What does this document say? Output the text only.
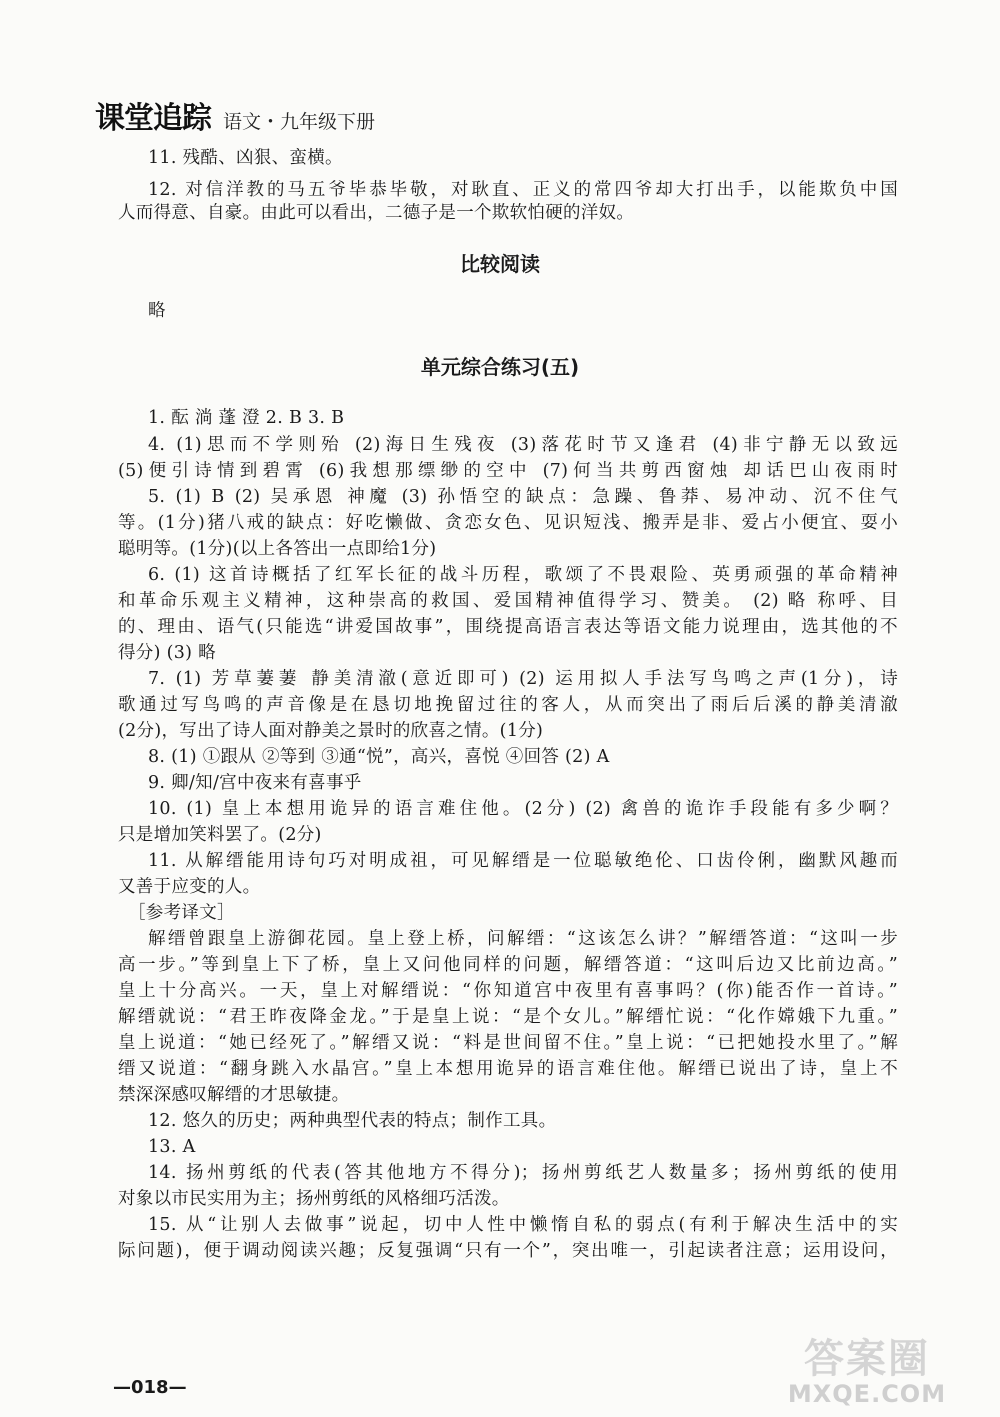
课堂追踪 语文・九年级下册
11. 残酷、凶狠、蛮横。
12. 对信洋教的马五爷毕恭毕敬，对耿直、正义的常四爷却大打出手，以能欺负中国
人而得意、自豪。由此可以看出，二德子是一个欺软怕硬的洋奴。
比较阅读
略
单元综合练习(五)
1. 酝 淌 蓬 澄 2. B 3. B
4. (1)思而不学则殆 (2)海日生残夜 (3)落花时节又逢君 (4)非宁静无以致远
(5)便引诗情到碧霄 (6)我想那缥缈的空中 (7)何当共剪西窗烛 却话巴山夜雨时
5. (1) B (2) 吴承恩 神魔 (3) 孙悟空的缺点：急躁、鲁莽、易冲动、沉不住气
等。(1分)猪八戒的缺点：好吃懒做、贪恋女色、见识短浅、搬弄是非、爱占小便宜、耍小
聪明等。(1分)(以上各答出一点即给1分)
6. (1) 这首诗概括了红军长征的战斗历程，歌颂了不畏艰险、英勇顽强的革命精神
和革命乐观主义精神，这种崇高的救国、爱国精神值得学习、赞美。 (2) 略 称呼、目
的、理由、语气(只能选“讲爱国故事”，围绕提高语言表达等语文能力说理由，选其他的不
得分) (3) 略
7. (1) 芳草萋萋 静美清澈(意近即可) (2) 运用拟人手法写鸟鸣之声(1分)，诗
歌通过写鸟鸣的声音像是在恳切地挽留过往的客人，从而突出了雨后后溪的静美清澈
(2分)，写出了诗人面对静美之景时的欣喜之情。(1分)
8. (1) ①跟从 ②等到 ③通“悦”，高兴，喜悦 ④回答 (2) A
9. 卿/知/宫中夜来有喜事乎
10. (1) 皇上本想用诡异的语言难住他。(2分) (2) 禽兽的诡诈手段能有多少啊？
只是增加笑料罢了。(2分)
11. 从解缙能用诗句巧对明成祖，可见解缙是一位聪敏绝伦、口齿伶俐，幽默风趣而
又善于应变的人。
［参考译文］
解缙曾跟皇上游御花园。皇上登上桥，问解缙：“这该怎么讲？”解缙答道：“这叫一步
高一步。”等到皇上下了桥，皇上又问他同样的问题，解缙答道：“这叫后边又比前边高。”
皇上十分高兴。一天，皇上对解缙说：“你知道宫中夜里有喜事吗？(你)能否作一首诗。”
解缙就说：“君王昨夜降金龙。”于是皇上说：“是个女儿。”解缙忙说：“化作嫦娥下九重。”
皇上说道：“她已经死了。”解缙又说：“料是世间留不住。”皇上说：“已把她投水里了。”解
缙又说道：“翻身跳入水晶宫。”皇上本想用诡异的语言难住他。解缙已说出了诗，皇上不
禁深深感叹解缙的才思敏捷。
12. 悠久的历史；两种典型代表的特点；制作工具。
13. A
14. 扬州剪纸的代表(答其他地方不得分)；扬州剪纸艺人数量多；扬州剪纸的使用
对象以市民实用为主；扬州剪纸的风格细巧活泼。
15. 从“让别人去做事”说起，切中人性中懒惰自私的弱点(有利于解决生活中的实
际问题)，便于调动阅读兴趣；反复强调“只有一个”，突出唯一，引起读者注意；运用设问，
—018—
答案圈
MXQE.COM
